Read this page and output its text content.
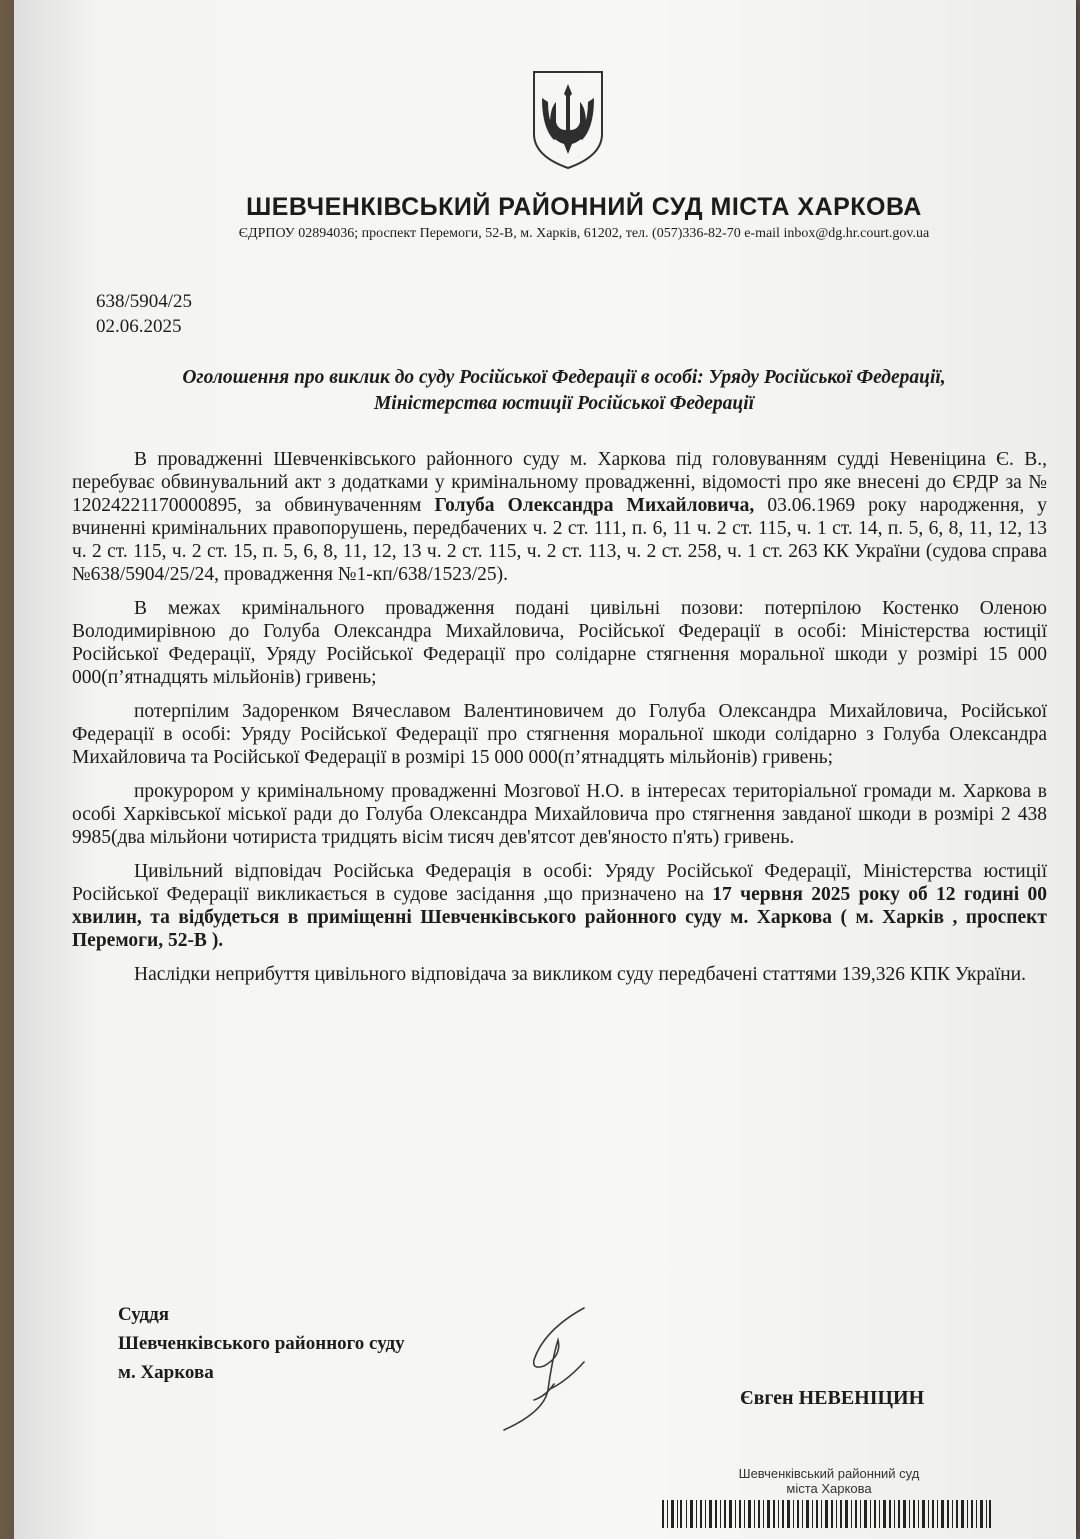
ШЕВЧЕНКІВСЬКИЙ РАЙОННИЙ СУД МІСТА ХАРКОВА
ЄДРПОУ 02894036; проспект Перемоги, 52-В, м. Харків, 61202, тел. (057)336-82-70 e-mail inbox@dg.hr.court.gov.ua
638/5904/25
02.06.2025
Оголошення про виклик до суду Російської Федерації в особі: Уряду Російської Федерації,
Міністерства юстиції Російської Федерації

В провадженні Шевченківського районного суду м. Харкова під головуванням судді Невеніцина Є. В., перебуває обвинувальний акт з додатками у кримінальному провадженні, відомості про яке внесені до ЄРДР за № 12024221170000895, за обвинуваченням Голуба Олександра Михайловича, 03.06.1969 року народження, у вчиненні кримінальних правопорушень, передбачених ч. 2 ст. 111, п. 6, 11 ч. 2 ст. 115, ч. 1 ст. 14, п. 5, 6, 8, 11, 12, 13 ч. 2 ст. 115, ч. 2 ст. 15, п. 5, 6, 8, 11, 12, 13 ч. 2 ст. 115, ч. 2 ст. 113, ч. 2 ст. 258, ч. 1 ст. 263 КК України (судова справа №638/5904/25/24, провадження №1-кп/638/1523/25).

В межах кримінального провадження подані цивільні позови: потерпілою Костенко Оленою Володимирівною до Голуба Олександра Михайловича, Російської Федерації в особі: Міністерства юстиції Російської Федерації, Уряду Російської Федерації про солідарне стягнення моральної шкоди у розмірі 15 000 000(п’ятнадцять мільйонів) гривень;

потерпілим Задоренком Вячеславом Валентиновичем до Голуба Олександра Михайловича, Російської Федерації в особі: Уряду Російської Федерації про стягнення моральної шкоди солідарно з Голуба Олександра Михайловича та Російської Федерації в розмірі 15 000 000(п’ятнадцять мільйонів) гривень;

прокурором у кримінальному провадженні Мозгової Н.О. в інтересах територіальної громади м. Харкова в особі Харківської міської ради до Голуба Олександра Михайловича про стягнення завданої шкоди в розмірі 2 438 9985(два мільйони чотириста тридцять вісім тисяч дев'ятсот дев'яносто п'ять) гривень.

Цивільний відповідач Російська Федерація в особі: Уряду Російської Федерації, Міністерства юстиції Російської Федерації викликається в судове засідання ,що призначено на 17 червня 2025 року об 12 годині 00 хвилин, та відбудеться в приміщенні Шевченківського районного суду м. Харкова ( м. Харків , проспект Перемоги, 52-В ).

Наслідки неприбуття цивільного відповідача за викликом суду передбачені статтями 139,326 КПК України.

Суддя
Шевченківського районного суду
м. Харкова
Євген НЕВЕНІЦИН
Шевченківський районний суд
міста Харкова
